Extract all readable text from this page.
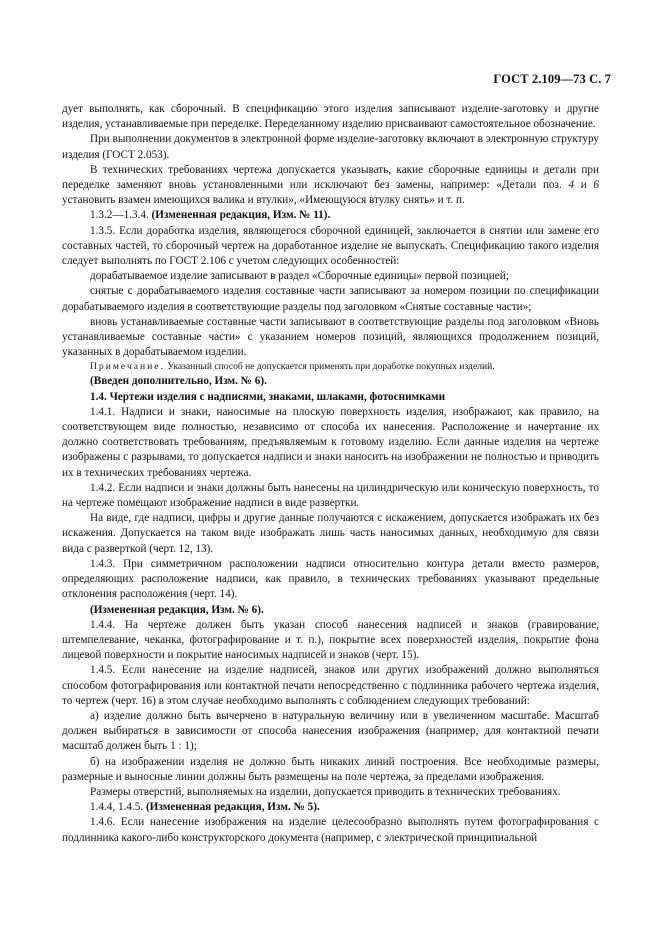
ГОСТ 2.109—73 С. 7

дует выполнять, как сборочный. В спецификацию этого изделия записывают изделие-заготовку и другие изделия, устанавливаемые при переделке. Переделанному изделию присваивают самостоятельное обозначение.

При выполнении документов в электронной форме изделие-заготовку включают в электронную структуру изделия (ГОСТ 2.053).

В технических требованиях чертежа допускается указывать, какие сборочные единицы и детали при переделке заменяют вновь установленными или исключают без замены, например: «Детали поз. 4 и 6 установить взамен имеющихся валика и втулки», «Имеющуюся втулку снять» и т. п.

1.3.2—1.3.4. (Измененная редакция, Изм. № 11).

1.3.5. Если доработка изделия, являющегося сборочной единицей, заключается в снятии или замене его составных частей, то сборочный чертеж на доработанное изделие не выпускать. Спецификацию такого изделия следует выполнять по ГОСТ 2.106 с учетом следующих особенностей:

дорабатываемое изделие записывают в раздел «Сборочные единицы» первой позицией;

снятые с дорабатываемого изделия составные части записывают за номером позиции по спецификации дорабатываемого изделия в соответствующие разделы под заголовком «Снятые составные части»;

вновь устанавливаемые составные части записывают в соответствующие разделы под заголовком «Вновь устанавливаемые составные части» с указанием номеров позиций, являющихся продолжением позиций, указанных в дорабатываемом изделии.

Примечание. Указанный способ не допускается применять при доработке покупных изделий.

(Введен дополнительно, Изм. № 6).

1.4. Чертежи изделия с надписями, знаками, шлаками, фотоснимками

1.4.1. Надписи и знаки, наносимые на плоскую поверхность изделия, изображают, как правило, на соответствующем виде полностью, независимо от способа их нанесения. Расположение и начертание их должно соответствовать требованиям, предъявляемым к готовому изделию. Если данные изделия на чертеже изображены с разрывами, то допускается надписи и знаки наносить на изображении не полностью и приводить их в технических требованиях чертежа.

1.4.2. Если надписи и знаки должны быть нанесены на цилиндрическую или коническую поверхность, то на чертеже помещают изображение надписи в виде развертки.

На виде, где надписи, цифры и другие данные получаются с искажением, допускается изображать их без искажения. Допускается на таком виде изображать лишь часть наносимых данных, необходимую для связи вида с разверткой (черт. 12, 13).

1.4.3. При симметричном расположении надписи относительно контура детали вместо размеров, определяющих расположение надписи, как правило, в технических требованиях указывают предельные отклонения расположения (черт. 14).

(Измененная редакция, Изм. № 6).

1.4.4. На чертеже должен быть указан способ нанесения надписей и знаков (гравирование, штемпелевание, чеканка, фотографирование и т. п.), покрытие всех поверхностей изделия, покрытие фона лицевой поверхности и покрытие наносимых надписей и знаков (черт. 15).

1.4.5. Если нанесение на изделие надписей, знаков или других изображений должно выполняться способом фотографирования или контактной печати непосредственно с подлинника рабочего чертежа изделия, то чертеж (черт. 16) в этом случае необходимо выполнять с соблюдением следующих требований:

а) изделие должно быть вычерчено в натуральную величину или в увеличенном масштабе. Масштаб должен выбираться в зависимости от способа нанесения изображения (например, для контактной печати масштаб должен быть 1 : 1);

б) на изображении изделия не должно быть никаких линий построения. Все необходимые размеры, размерные и выносные линии должны быть размещены на поле чертежа, за пределами изображения.

Размеры отверстий, выполняемых на изделии, допускается приводить в технических требованиях.

1.4.4, 1.4.5. (Измененная редакция, Изм. № 5).

1.4.6. Если нанесение изображения на изделие целесообразно выполнять путем фотографирования с подлинника какого-либо конструкторского документа (например, с электрической принципиальной
